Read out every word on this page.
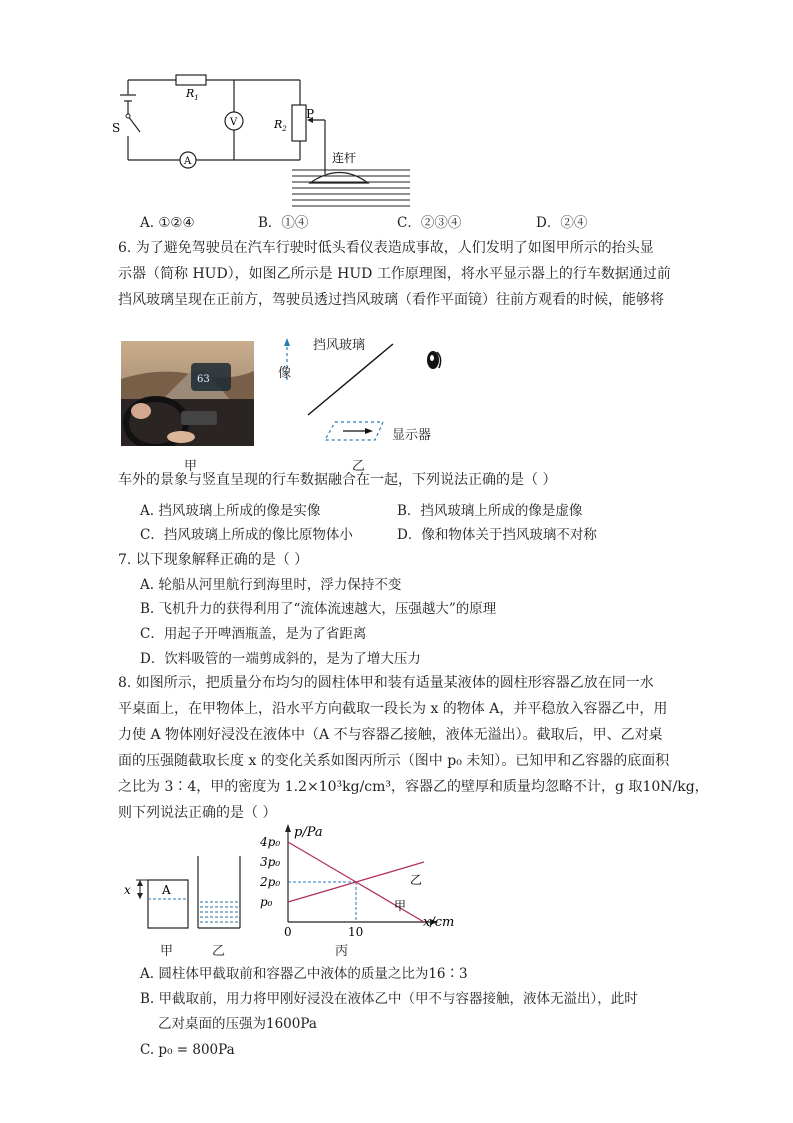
$R_1$
$R_2$
P
S	V
A	连杆
A. ①②④	B．①④	C．②③④	D．②④
6. 为了避免驾驶员在汽车行驶时低头看仪表造成事故，人们发明了如图甲所示的抬头显
示器（简称 HUD），如图乙所示是 HUD 工作原理图，将水平显示器上的行车数据通过前
挡风玻璃呈现在正前方，驾驶员透过挡风玻璃（看作平面镜）往前方观看的时候，能够将
63
甲
挡风玻璃
像
显示器
乙
车外的景象与竖直呈现的行车数据融合在一起，下列说法正确的是（ ）
A. 挡风玻璃上所成的像是实像	B．挡风玻璃上所成的像是虚像
C．挡风玻璃上所成的像比原物体小	D．像和物体关于挡风玻璃不对称
7. 以下现象解释正确的是（ ）
A. 轮船从河里航行到海里时，浮力保持不变
B. 飞机升力的获得利用了“流体流速越大，压强越大”的原理
C．用起子开啤酒瓶盖，是为了省距离
D．饮料吸管的一端剪成斜的，是为了增大压力
8. 如图所示，把质量分布均匀的圆柱体甲和装有适量某液体的圆柱形容器乙放在同一水
平桌面上，在甲物体上，沿水平方向截取一段长为 x 的物体 A，并平稳放入容器乙中，用
力使 A 物体刚好浸没在液体中（A 不与容器乙接触，液体无溢出）。截取后，甲、乙对桌
面的压强随截取长度 x 的变化关系如图丙所示（图中 p₀ 未知）。已知甲和乙容器的底面积
之比为 3∶4，甲的密度为 1.2×10³kg/cm³，容器乙的壁厚和质量均忽略不计，g 取10N/kg，
则下列说法正确的是（ ）
A
x
甲	乙
p/Pa
x/cm
p₀
2p₀
3p₀
4p₀
0	10
甲
乙
丙
A. 圆柱体甲截取前和容器乙中液体的质量之比为16∶3
B. 甲截取前，用力将甲刚好浸没在液体乙中（甲不与容器接触，液体无溢出），此时
乙对桌面的压强为1600Pa
C. p₀ = 800Pa
